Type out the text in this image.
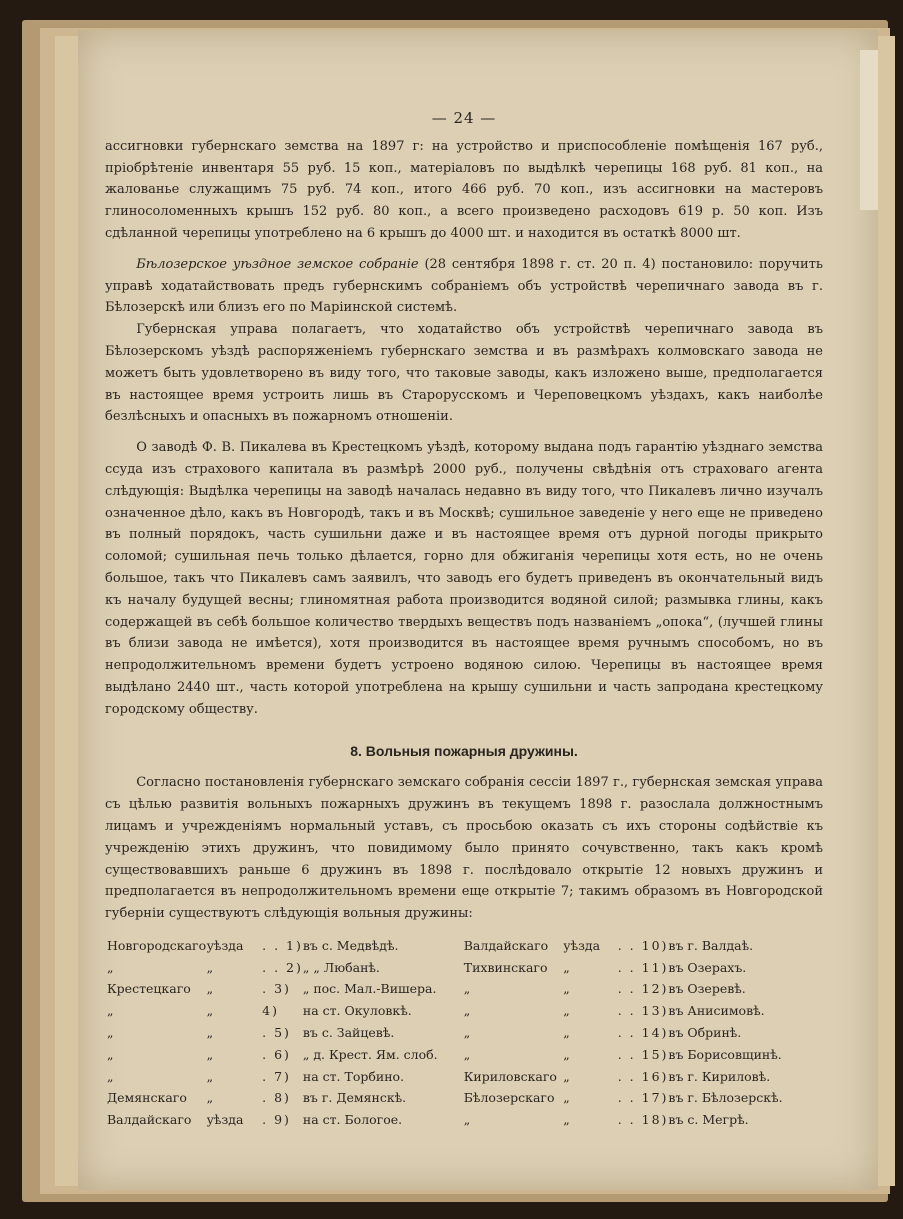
— 24 —

ассигновки губернскаго земства на 1897 г: на устройство и приспособленіе помѣщенія 167 руб., пріобрѣтеніе инвентаря 55 руб. 15 коп., матеріаловъ по выдѣлкѣ черепицы 168 руб. 81 коп., на жалованье служащимъ 75 руб. 74 коп., итого 466 руб. 70 коп., изъ ассигновки на мастеровъ глиносоломенныхъ крышъ 152 руб. 80 коп., а всего произведено расходовъ 619 р. 50 коп. Изъ сдѣланной черепицы употреблено на 6 крышъ до 4000 шт. и находится въ остаткѣ 8000 шт.

Бѣлозерское уѣздное земское собраніе (28 сентября 1898 г. ст. 20 п. 4) постановило: поручить управѣ ходатайствовать предъ губернскимъ собраніемъ объ устройствѣ черепичнаго завода въ г. Бѣлозерскѣ или близъ его по Маріинской системѣ.

Губернская управа полагаетъ, что ходатайство объ устройствѣ черепичнаго завода въ Бѣлозерскомъ уѣздѣ распоряженіемъ губернскаго земства и въ размѣрахъ колмовскаго завода не можетъ быть удовлетворено въ виду того, что таковые заводы, какъ изложено выше, предполагается въ настоящее время устроить лишь въ Старорусскомъ и Череповецкомъ уѣздахъ, какъ наиболѣе безлѣсныхъ и опасныхъ въ пожарномъ отношеніи.

О заводѣ Ф. В. Пикалева въ Крестецкомъ уѣздѣ, которому выдана подъ гарантію уѣзднаго земства ссуда изъ страхового капитала въ размѣрѣ 2000 руб., получены свѣдѣнія отъ страховаго агента слѣдующія: Выдѣлка черепицы на заводѣ началась недавно въ виду того, что Пикалевъ лично изучалъ означенное дѣло, какъ въ Новгородѣ, такъ и въ Москвѣ; сушильное заведеніе у него еще не приведено въ полный порядокъ, часть сушильни даже и въ настоящее время отъ дурной погоды прикрыто соломой; сушильная печь только дѣлается, горно для обжиганія черепицы хотя есть, но не очень большое, такъ что Пикалевъ самъ заявилъ, что заводъ его будетъ приведенъ въ окончательный видъ къ началу будущей весны; глиномятная работа производится водяной силой; размывка глины, какъ содержащей въ себѣ большое количество твердыхъ веществъ подъ названіемъ „опока“, (лучшей глины въ близи завода не имѣется), хотя производится въ настоящее время ручнымъ способомъ, но въ непродолжительномъ времени будетъ устроено водяною силою. Черепицы въ настоящее время выдѣлано 2440 шт., часть которой употреблена на крышу сушильни и часть запродана крестецкому городскому обществу.

8. Вольныя пожарныя дружины.

Согласно постановленія губернскаго земскаго собранія сессіи 1897 г., губернская земская управа съ цѣлью развитія вольныхъ пожарныхъ дружинъ въ текущемъ 1898 г. разослала должностнымъ лицамъ и учрежденіямъ нормальный уставъ, съ просьбою оказать съ ихъ стороны содѣйствіе къ учрежденію этихъ дружинъ, что повидимому было принято сочувственно, такъ какъ кромѣ существовавшихъ раньше 6 дружинъ въ 1898 г. послѣдовало открытіе 12 новыхъ дружинъ и предполагается въ непродолжительномъ времени еще открытіе 7; такимъ образомъ въ Новгородской губерніи существуютъ слѣдующія вольныя дружины:

Новгородскаго	уѣзда	. . 1)	въ с. Медвѣдѣ.	Валдайскаго	уѣзда	. . 10)	въ г. Валдаѣ.
„	„	. . 2)	„ „ Любанѣ.	Тихвинскаго	„	. . 11)	въ Озерахъ.
Крестецкаго	„	. 3)	„ пос. Мал.-Вишера.	„	„	. . 12)	въ Озеревѣ.
„	„	4)	на ст. Окуловкѣ.	„	„	. . 13)	въ Анисимовѣ.
„	„	. 5)	въ с. Зайцевѣ.	„	„	. . 14)	въ Обринѣ.
„	„	. 6)	„ д. Крест. Ям. слоб.	„	„	. . 15)	въ Борисовщинѣ.
„	„	. 7)	на ст. Торбино.	Кириловскаго	„	. . 16)	въ г. Кириловѣ.
Демянскаго	„	. 8)	въ г. Демянскѣ.	Бѣлозерскаго	„	. . 17)	въ г. Бѣлозерскѣ.
Валдайскаго	уѣзда	. 9)	на ст. Бологое.	„	„	. . 18)	въ с. Мегрѣ.
